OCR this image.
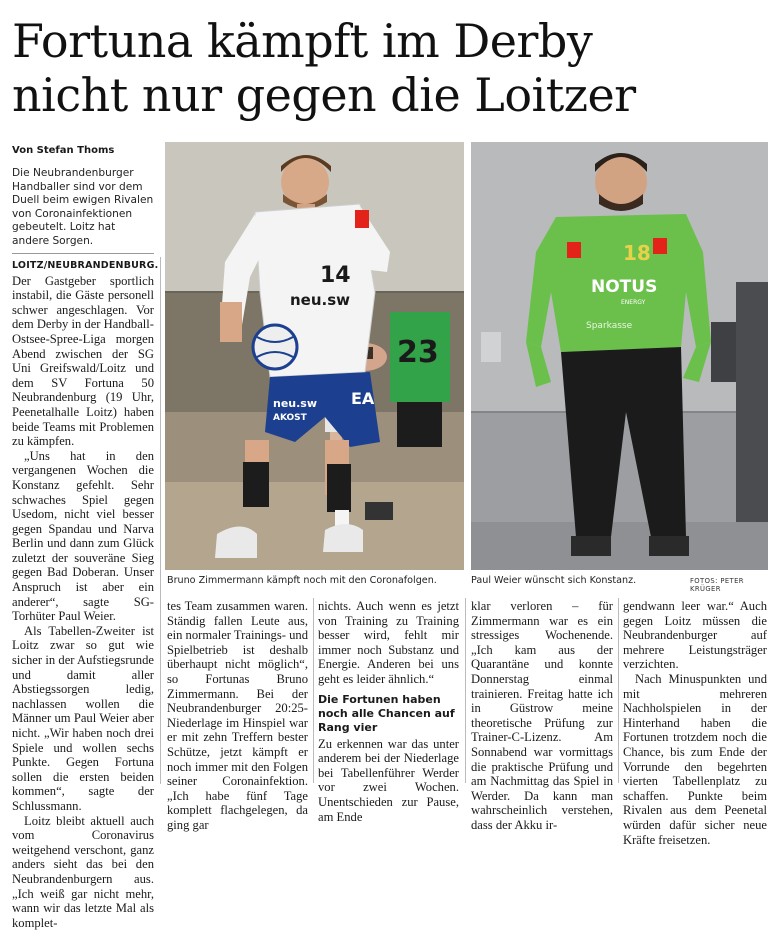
Fortuna kämpft im Derby
nicht nur gegen die Loitzer
Von Stefan Thoms
Die Neubrandenburger Handballer sind vor dem Duell beim ewigen Rivalen von Coronainfektionen gebeutelt. Loitz hat andere Sorgen.
23
14
neu.sw
neu.sw
AKOST
EA
Bruno Zimmermann kämpft noch mit den Coronafolgen.
18
NOTUS
ENERGY
Sparkasse
Paul Weier wünscht sich Konstanz.	FOTOS: PETER KRÜGER

LOITZ/NEUBRANDENBURG. Der Gastgeber sportlich instabil, die Gäste personell schwer angeschlagen. Vor dem Derby in der Handball-Ostsee-Spree-Liga morgen Abend zwischen der SG Uni Greifswald/Loitz und dem SV Fortuna 50 Neubrandenburg (19 Uhr, Peenetalhalle Loitz) haben beide Teams mit Problemen zu kämpfen.

„Uns hat in den vergangenen Wochen die Konstanz gefehlt. Sehr schwaches Spiel gegen Usedom, nicht viel besser gegen Spandau und Narva Berlin und dann zum Glück zuletzt der souveräne Sieg gegen Bad Doberan. Unser Anspruch ist aber ein anderer“, sagte SG-Torhüter Paul Weier.

Als Tabellen-Zweiter ist Loitz zwar so gut wie sicher in der Aufstiegsrunde und damit aller Abstiegssorgen ledig, nachlassen wollen die Männer um Paul Weier aber nicht. „Wir haben noch drei Spiele und wollen sechs Punkte. Gegen Fortuna sollen die ersten beiden kommen“, sagte der Schlussmann.

Loitz bleibt aktuell auch vom Coronavirus weitgehend verschont, ganz anders sieht das bei den Neubrandenburgern aus. „Ich weiß gar nicht mehr, wann wir das letzte Mal als komplet-

tes Team zusammen waren. Ständig fallen Leute aus, ein normaler Trainings- und Spielbetrieb ist deshalb überhaupt nicht möglich“, so Fortunas Bruno Zimmermann. Bei der Neubrandenburger 20:25-Niederlage im Hinspiel war er mit zehn Treffern bester Schütze, jetzt kämpft er noch immer mit den Folgen seiner Coronainfektion. „Ich habe fünf Tage komplett flachgelegen, da ging gar

nichts. Auch wenn es jetzt von Training zu Training besser wird, fehlt mir immer noch Substanz und Energie. Anderen bei uns geht es leider ähnlich.“

Die Fortunen haben noch alle Chancen auf Rang vier

Zu erkennen war das unter anderem bei der Niederlage bei Tabellenführer Werder vor zwei Wochen. Unentschieden zur Pause, am Ende

klar verloren – für Zimmermann war es ein stressiges Wochenende. „Ich kam aus der Quarantäne und konnte Donnerstag einmal trainieren. Freitag hatte ich in Güstrow meine theoretische Prüfung zur Trainer-C-Lizenz. Am Sonnabend war vormittags die praktische Prüfung und am Nachmittag das Spiel in Werder. Da kann man wahrscheinlich verstehen, dass der Akku ir-

gendwann leer war.“ Auch gegen Loitz müssen die Neubrandenburger auf mehrere Leistungsträger verzichten.

Nach Minuspunkten und mit mehreren Nachholspielen in der Hinterhand haben die Fortunen trotzdem noch die Chance, bis zum Ende der Vorrunde den begehrten vierten Tabellenplatz zu schaffen. Punkte beim Rivalen aus dem Peenetal würden dafür sicher neue Kräfte freisetzen.
